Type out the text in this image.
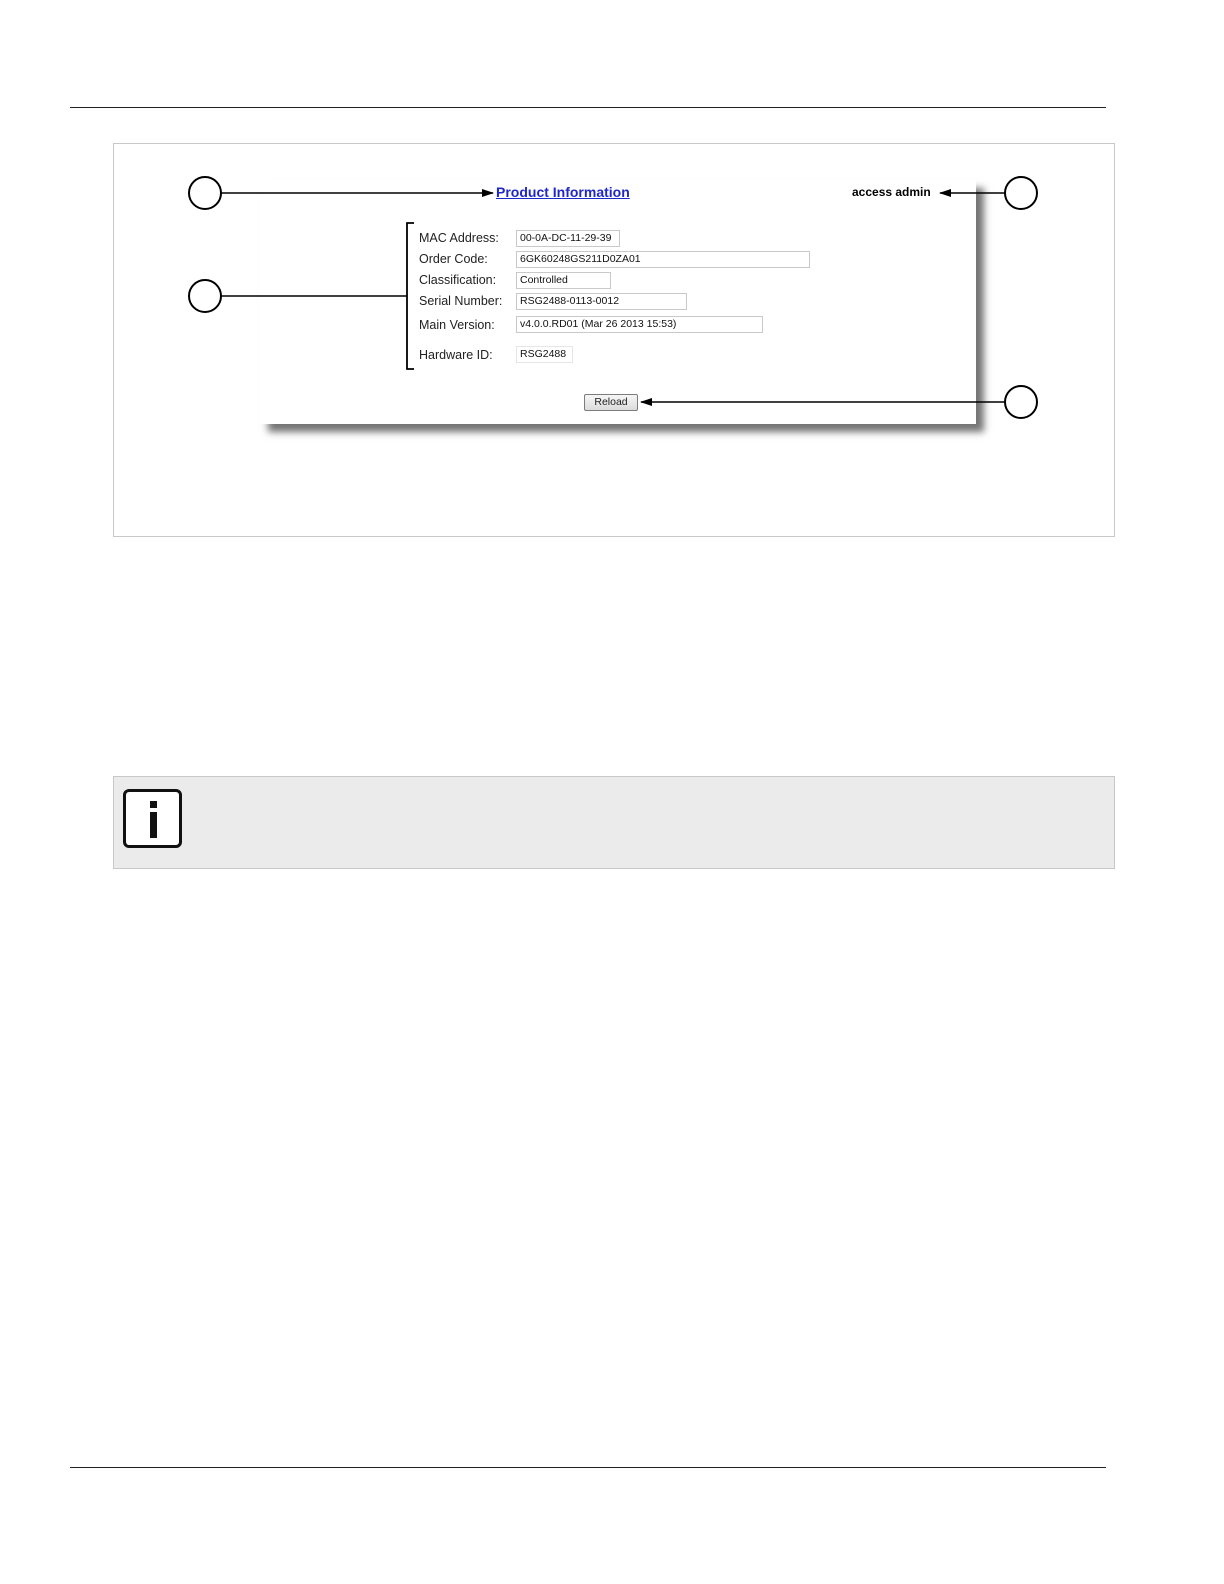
Product Information	access admin
MAC Address:	00-0A-DC-11-29-39
Order Code:	6GK60248GS211D0ZA01
Classification:	Controlled
Serial Number:	RSG2488-0113-0012
Main Version:	v4.0.0.RD01 (Mar 26 2013 15:53)
Hardware ID:	RSG2488
Reload
